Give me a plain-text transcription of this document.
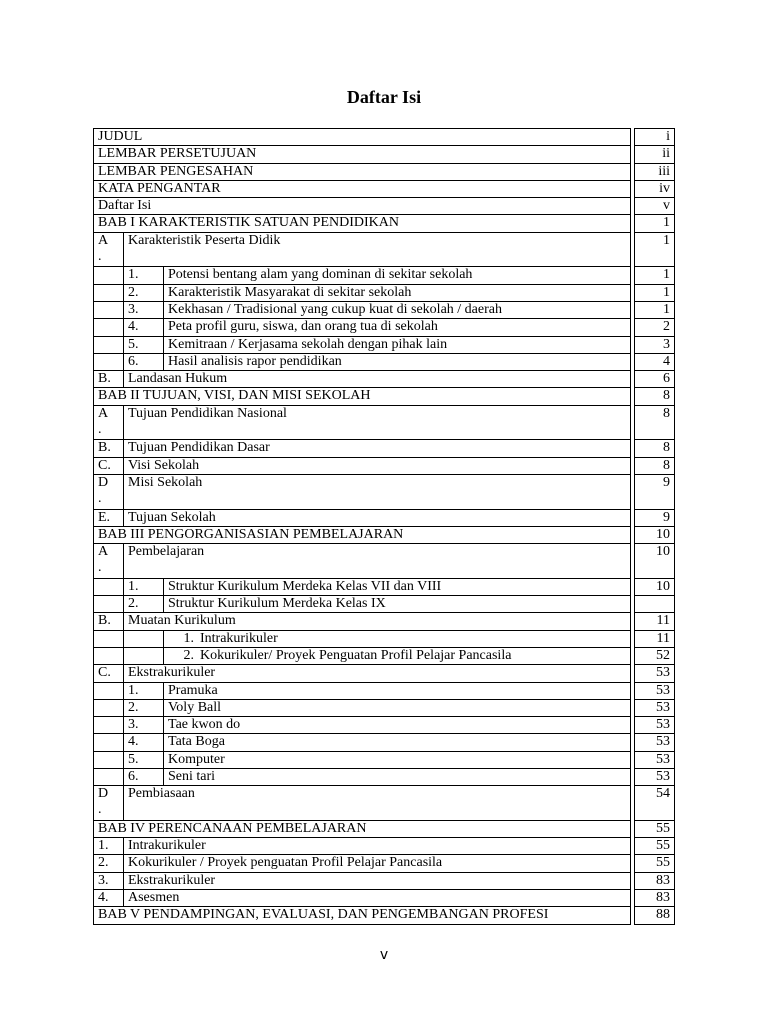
Daftar Isi
JUDUL				i
LEMBAR PERSETUJUAN				ii
LEMBAR PENGESAHAN				iii
KATA PENGANTAR				iv
Daftar Isi				v
BAB I KARAKTERISTIK SATUAN PENDIDIKAN				1
A
.	Karakteristik Peserta Didik			1
	1.	Potensi bentang alam yang dominan di sekitar sekolah		1
	2.	Karakteristik Masyarakat di sekitar sekolah		1
	3.	Kekhasan / Tradisional yang cukup kuat di sekolah / daerah		1
	4.	Peta profil guru, siswa, dan orang tua di sekolah		2
	5.	Kemitraan / Kerjasama sekolah dengan pihak lain		3
	6.	Hasil analisis rapor pendidikan		4
B.	Landasan Hukum			6
BAB II TUJUAN, VISI, DAN MISI SEKOLAH				8
A
.	Tujuan Pendidikan Nasional			8
B.	Tujuan Pendidikan Dasar			8
C.	Visi Sekolah			8
D
.	Misi Sekolah			9
E.	Tujuan Sekolah			9
BAB III PENGORGANISASIAN PEMBELAJARAN				10
A
.	Pembelajaran			10
	1.	Struktur Kurikulum Merdeka Kelas VII dan VIII		10
	2.	Struktur Kurikulum Merdeka Kelas IX		
B.	Muatan Kurikulum			11
		1. Intrakurikuler		11
		2. Kokurikuler/ Proyek Penguatan Profil Pelajar Pancasila		52
C.	Ekstrakurikuler			53
	1.	Pramuka		53
	2.	Voly Ball		53
	3.	Tae kwon do		53
	4.	Tata Boga		53
	5.	Komputer		53
	6.	Seni tari		53
D
.	Pembiasaan			54
BAB IV PERENCANAAN PEMBELAJARAN				55
1.	Intrakurikuler			55
2.	Kokurikuler / Proyek penguatan Profil Pelajar Pancasila			55
3.	Ekstrakurikuler			83
4.	Asesmen			83
BAB V PENDAMPINGAN, EVALUASI, DAN PENGEMBANGAN PROFESI				88
v
